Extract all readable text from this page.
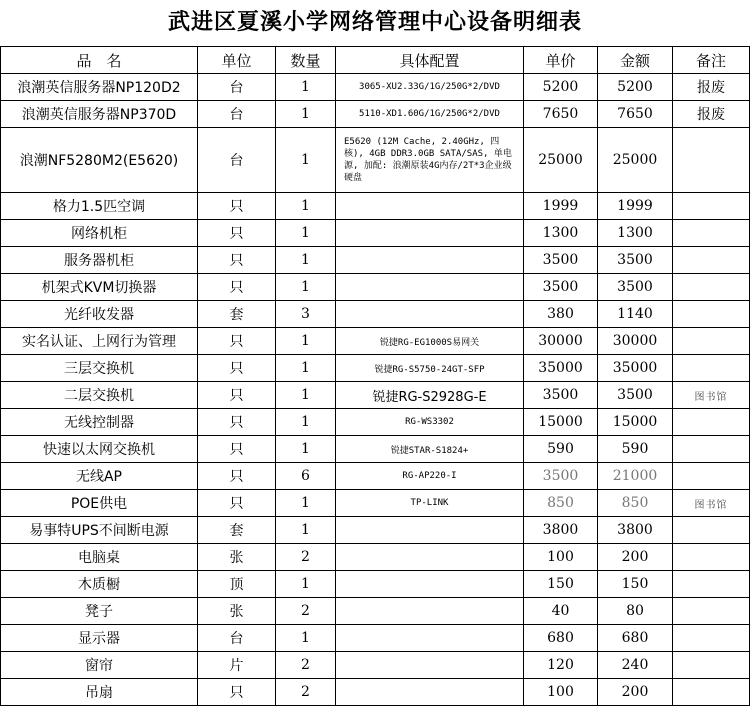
武进区夏溪小学网络管理中心设备明细表
品　名	单位	数量	具体配置	单价	金额	备注
浪潮英信服务器NP120D2	台	1	3065-XU2.33G/1G/250G*2/DVD	5200	5200	报废
浪潮英信服务器NP370D	台	1	5110-XD1.60G/1G/250G*2/DVD	7650	7650	报废
浪潮NF5280M2(E5620)	台	1	E5620 (12M Cache, 2.40GHz, 四核), 4GB DDR3.0GB SATA/SAS, 单电源, 加配: 浪潮原装4G内存/2T*3企业级硬盘	25000	25000	
格力1.5匹空调	只	1		1999	1999	
网络机柜	只	1		1300	1300	
服务器机柜	只	1		3500	3500	
机架式KVM切换器	只	1		3500	3500	
光纤收发器	套	3		380	1140	
实名认证、上网行为管理	只	1	锐捷RG-EG1000S易网关	30000	30000	
三层交换机	只	1	锐捷RG-S5750-24GT-SFP	35000	35000	
二层交换机	只	1	锐捷RG-S2928G-E	3500	3500	图书馆
无线控制器	只	1	RG-WS3302	15000	15000	
快速以太网交换机	只	1	锐捷STAR-S1824+	590	590	
无线AP	只	6	RG-AP220-I	3500	21000	
POE供电	只	1	TP-LINK	850	850	图书馆
易事特UPS不间断电源	套	1		3800	3800	
电脑桌	张	2		100	200	
木质橱	顶	1		150	150	
凳子	张	2		40	80	
显示器	台	1		680	680	
窗帘	片	2		120	240	
吊扇	只	2		100	200	
